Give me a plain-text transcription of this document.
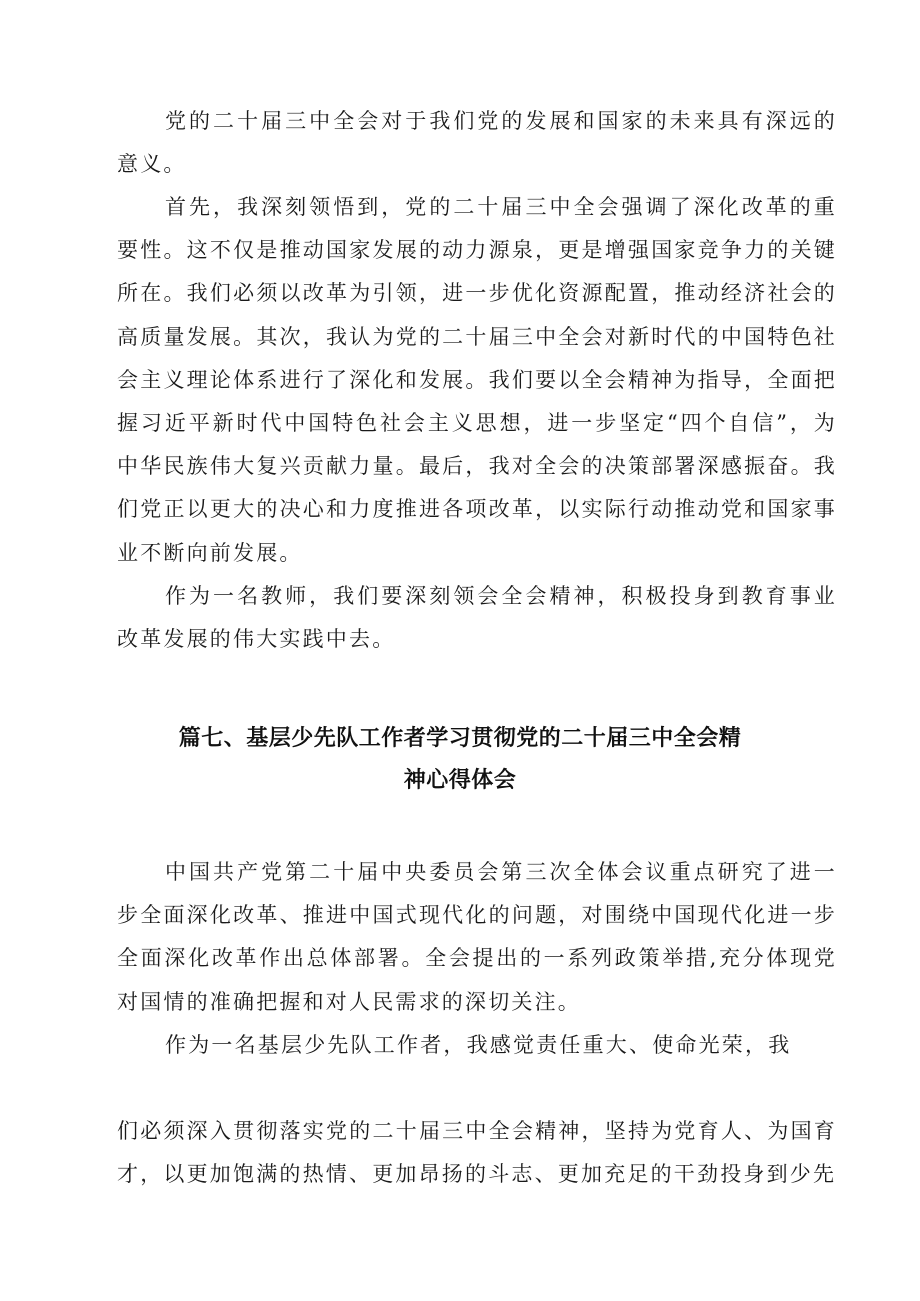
党的二十届三中全会对于我们党的发展和国家的未来具有深远的意义。

首先，我深刻领悟到，党的二十届三中全会强调了深化改革的重要性。这不仅是推动国家发展的动力源泉，更是增强国家竞争力的关键所在。我们必须以改革为引领，进一步优化资源配置，推动经济社会的高质量发展。其次，我认为党的二十届三中全会对新时代的中国特色社会主义理论体系进行了深化和发展。我们要以全会精神为指导，全面把握习近平新时代中国特色社会主义思想，进一步坚定“四个自信”，为中华民族伟大复兴贡献力量。最后，我对全会的决策部署深感振奋。我们党正以更大的决心和力度推进各项改革，以实际行动推动党和国家事业不断向前发展。

作为一名教师，我们要深刻领会全会精神，积极投身到教育事业改革发展的伟大实践中去。

篇七、基层少先队工作者学习贯彻党的二十届三中全会精
神心得体会

中国共产党第二十届中央委员会第三次全体会议重点研究了进一步全面深化改革、推进中国式现代化的问题，对围绕中国现代化进一步全面深化改革作出总体部署。全会提出的一系列政策举措,充分体现党对国情的准确把握和对人民需求的深切关注。

作为一名基层少先队工作者，我感觉责任重大、使命光荣，我

们必须深入贯彻落实党的二十届三中全会精神，坚持为党育人、为国育才，以更加饱满的热情、更加昂扬的斗志、更加充足的干劲投身到少先
